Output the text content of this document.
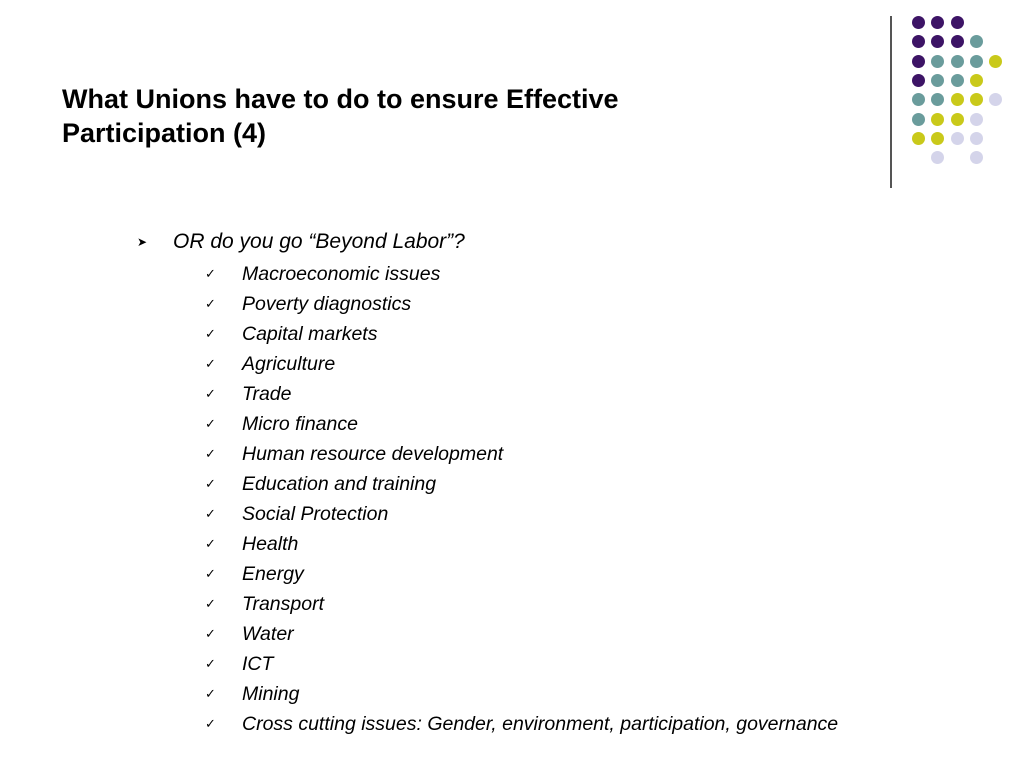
What Unions have to do to ensure Effective
Participation (4)
➤	OR do you go “Beyond Labor”?
✓	Macroeconomic issues
✓	Poverty diagnostics
✓	Capital markets
✓	Agriculture
✓	Trade
✓	Micro finance
✓	Human resource development
✓	Education and training
✓	Social Protection
✓	Health
✓	Energy
✓	Transport
✓	Water
✓	ICT
✓	Mining
✓	Cross cutting issues: Gender, environment, participation, governance
